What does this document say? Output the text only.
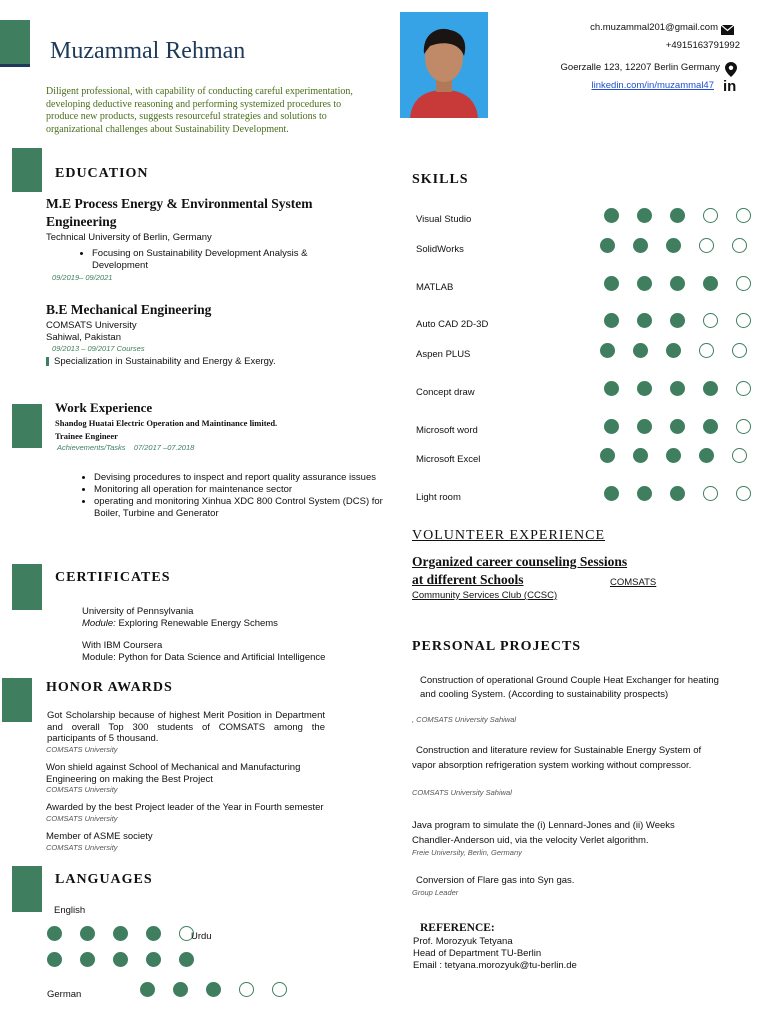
Muzammal Rehman
Diligent professional, with capability of conducting careful experimentation, developing deductive reasoning and performing systemized procedures to produce new products, suggests resourceful strategies and solutions to organizational challenges about Sustainability Development.
ch.muzammal201@gmail.com
+4915163791992
Goerzalle 123, 12207 Berlin Germany
linkedin.com/in/muzammal47 in
EDUCATION
M.E Process Energy & Environmental System Engineering
Technical University of Berlin, Germany
• Focusing on Sustainability Development Analysis & Development
09/2019– 09/2021
B.E Mechanical Engineering
COMSATS University
Sahiwal, Pakistan
09/2013 – 09/2017 Courses
Specialization in Sustainability and Energy & Exergy.
Work Experience
Shandog Huatai Electric Operation and Maintinance limited.
Trainee Engineer
Achievements/Tasks    07/2017 –07.2018
• Devising procedures to inspect and report quality assurance issues
• Monitoring all operation for maintenance sector
• operating and monitoring Xinhua XDC 800 Control System (DCS) for Boiler, Turbine and Generator
CERTIFICATES
University of Pennsylvania
Module: Exploring Renewable Energy Schems
With IBM Coursera
Module: Python for Data Science and Artificial Intelligence
HONOR AWARDS
Got Scholarship because of highest Merit Position in Department and overall Top 300 students of COMSATS among the participants of 5 thousand.
COMSATS University
Won shield against School of Mechanical and Manufacturing Engineering on making the Best Project
COMSATS University
Awarded by the best Project leader of the Year in Fourth semester
COMSATS University
Member of ASME society
COMSATS University
LANGUAGES
English
Urdu
German
SKILLS
Visual Studio
SolidWorks
MATLAB
Auto CAD 2D-3D
Aspen PLUS
Concept draw
Microsoft word
Microsoft Excel
Light room
VOLUNTEER EXPERIENCE
Organized career counseling Sessions
at different Schools	COMSATS
Community Services Club (CCSC)
PERSONAL PROJECTS
Construction of operational Ground Couple Heat Exchanger for heating and cooling System. (According to sustainability prospects)
, COMSATS University Sahiwal
Construction and literature review for Sustainable Energy System of vapor absorption refrigeration system working without compressor.
COMSATS University Sahiwal
Java program to simulate the (i) Lennard-Jones and (ii) Weeks Chandler-Anderson uid, via the velocity Verlet algorithm.
Freie University, Berlin, Germany
Conversion of Flare gas into Syn gas.
Group Leader
REFERENCE:
Prof. Morozyuk Tetyana
Head of Department TU-Berlin
Email : tetyana.morozyuk@tu-berlin.de
